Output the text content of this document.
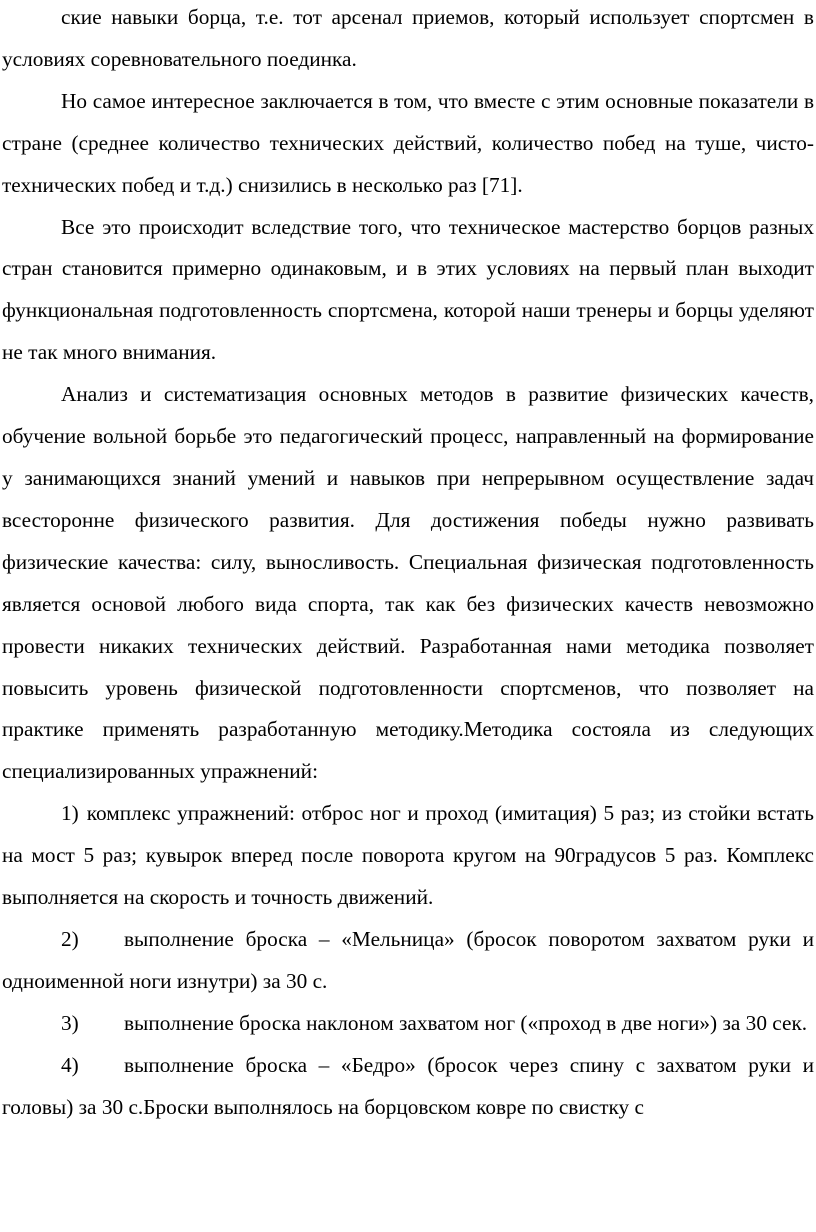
ские навыки борца, т.е. тот арсенал приемов, который использует спортсмен в условиях соревновательного поединка.

Но самое интересное заключается в том, что вместе с этим основные показатели в стране (среднее количество технических действий, количество побед на туше, чисто-технических побед и т.д.) снизились в несколько раз [71].

Все это происходит вследствие того, что техническое мастерство борцов разных стран становится примерно одинаковым, и в этих условиях на первый план выходит функциональная подготовленность спортсмена, которой наши тренеры и борцы уделяют не так много внимания.

Анализ и систематизация основных методов в развитие физических качеств, обучение вольной борьбе это педагогический процесс, направленный на формирование у занимающихся знаний умений и навыков при непрерывном осуществление задач всесторонне физического развития. Для достижения победы нужно развивать физические качества: силу, выносливость. Специальная физическая подготовленность является основой любого вида спорта, так как без физических качеств невозможно провести никаких технических действий. Разработанная нами методика позволяет повысить уровень физической подготовленности спортсменов, что позволяет на практике применять разработанную методику.Методика состояла из следующих специализированных упражнений:

1) комплекс упражнений: отброс ног и проход (имитация) 5 раз; из стойки встать на мост 5 раз; кувырок вперед после поворота кругом на 90градусов 5 раз. Комплекс выполняется на скорость и точность движений.

2) выполнение броска – «Мельница» (бросок поворотом захватом руки и одноименной ноги изнутри) за 30 с.

3) выполнение броска наклоном захватом ног («проход в две ноги») за 30 сек.

4) выполнение броска – «Бедро» (бросок через спину с захватом руки и головы) за 30 с.Броски выполнялось на борцовском ковре по свистку с
